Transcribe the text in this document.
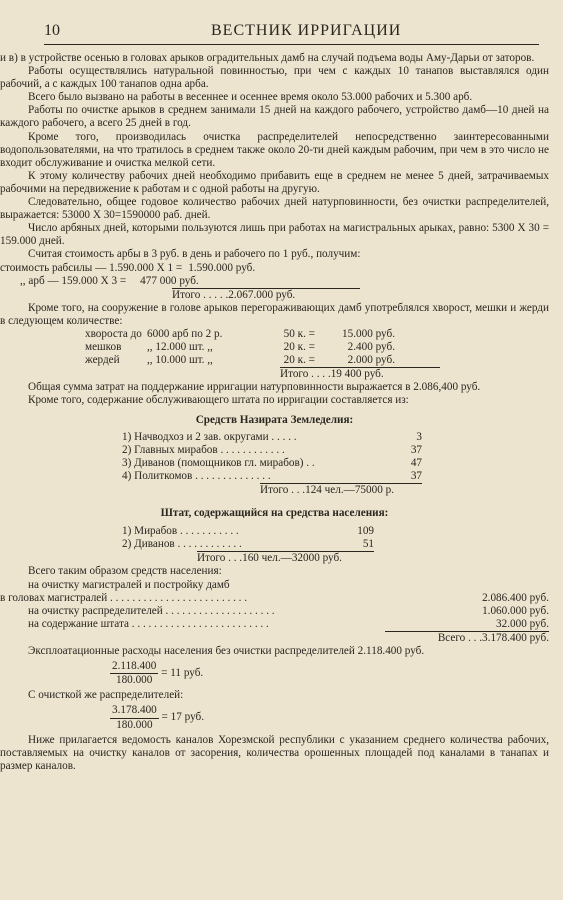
10	ВЕСТНИК ИРРИГАЦИИ

и в) в устройстве осенью в головах арыков оградительных дамб на случай подъема воды Аму-Дарьи от заторов.

Работы осуществлялись натуральной повинностью, при чем с каждых 10 танапов выставлялся один рабочий, а с каждых 100 танапов одна арба.

Всего было вызвано на работы в весеннее и осеннее время около 53.000 рабочих и 5.300 арб.

Работы по очистке арыков в среднем занимали 15 дней на каждого рабочего, устройство дамб—10 дней на каждого рабочего, а всего 25 дней в год.

Кроме того, производилась очистка распределителей непосредственно заинтересованными водопользователями, на что тратилось в среднем также около 20-ти дней каждым рабочим, при чем в это число не входит обслуживание и очистка мелкой сети.

К этому количеству рабочих дней необходимо прибавить еще в среднем не менее 5 дней, затрачиваемых рабочими на передвижение к работам и с одной работы на другую.

Следовательно, общее годовое количество рабочих дней натурповинности, без очистки распределителей, выражается: 53000 X 30=1590000 раб. дней.

Число арбяных дней, которыми пользуются лишь при работах на магистральных арыках, равно: 5300 X 30 = 159.000 дней.

Считая стоимость арбы в 3 руб. в день и рабочего по 1 руб., получим:

стоимость рабсилы — 1.590.000 X 1 = 1.590.000 руб.
,, арб — 159.000 X 3 = 477 000 руб.
Итого . . . . .2.067.000 руб.

Кроме того, на сооружение в голове арыков перегораживающих дамб употреблялся хворост, мешки и жерди в следующем количестве:

хвороста до	6000 арб по 2 р.	50 к. =	15.000 руб.
мешков	,, 12.000 шт. ,,	20 к. =	2.400 руб.
жердей	,, 10.000 шт. ,,	20 к. =	2.000 руб.
Итого . . . .19 400 руб.

Общая сумма затрат на поддержание ирригации натурповинности выражается в 2.086,400 руб.

Кроме того, содержание обслуживающего штата по ирригации составляется из:

Средств Назирата Земледелия:
1) Начводхоз и 2 зав. округами . . . . .	3
2) Главных мирабов . . . . . . . . . . . .	37
3) Диванов (помощников гл. мирабов) . .	47
4) Политкомов . . . . . . . . . . . . . .	37
Итого . . .124 чел.—75000 р.
Штат, содержащийся на средства населения:
1) Мирабов . . . . . . . . . . .	109
2) Диванов . . . . . . . . . . . .	51
Итого . . .160 чел.—32000 руб.

Всего таким образом средств населения:

на очистку магистралей и постройку дамб
в головах магистралей . . . . . . . . . . . . . . . . . . . . . . . . .	2.086.400 руб.
на очистку распределителей . . . . . . . . . . . . . . . . . . . .	1.060.000 руб.
на содержание штата . . . . . . . . . . . . . . . . . . . . . . . . .	32.000 руб.
Всего . . .3.178.400 руб.

Эксплоатационные расходы населения без очистки распределителей 2.118.400 руб.

$\frac{2.118.400}{180.000} = 11$ руб.

С очисткой же распределителей:

$\frac{3.178.400}{180.000} = 17$ руб.

Ниже прилагается ведомость каналов Хорезмской республики с указанием среднего количества рабочих, поставляемых на очистку каналов от засорения, количества орошенных площадей под каналами в танапах и размер каналов.
